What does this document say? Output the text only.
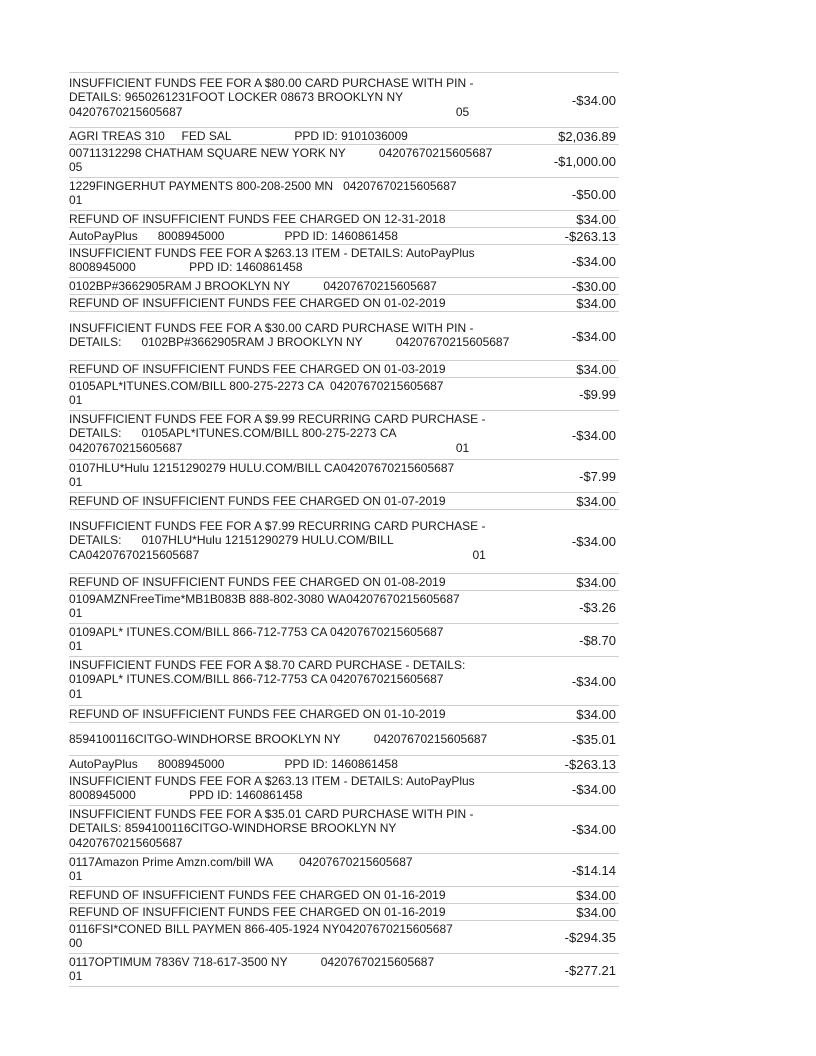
INSUFFICIENT FUNDS FEE FOR A $80.00 CARD PURCHASE WITH PIN -
DETAILS: 9650261231FOOT LOCKER 08673 BROOKLYN NY
04207670215605687                                                                                  05
-$34.00
AGRI TREAS 310     FED SAL                   PPD ID: 9101036009	$2,036.89
00711312298 CHATHAM SQUARE NEW YORK NY          04207670215605687
05	-$1,000.00
1229FINGERHUT PAYMENTS 800-208-2500 MN   04207670215605687
01	-$50.00
REFUND OF INSUFFICIENT FUNDS FEE CHARGED ON 12-31-2018	$34.00
AutoPayPlus      8008945000                  PPD ID: 1460861458	-$263.13
INSUFFICIENT FUNDS FEE FOR A $263.13 ITEM - DETAILS: AutoPayPlus
8008945000                PPD ID: 1460861458	-$34.00
0102BP#3662905RAM J BROOKLYN NY          04207670215605687	-$30.00
REFUND OF INSUFFICIENT FUNDS FEE CHARGED ON 01-02-2019	$34.00
INSUFFICIENT FUNDS FEE FOR A $30.00 CARD PURCHASE WITH PIN -
DETAILS:      0102BP#3662905RAM J BROOKLYN NY          04207670215605687	-$34.00
REFUND OF INSUFFICIENT FUNDS FEE CHARGED ON 01-03-2019	$34.00
0105APL*ITUNES.COM/BILL 800-275-2273 CA  04207670215605687
01	-$9.99
INSUFFICIENT FUNDS FEE FOR A $9.99 RECURRING CARD PURCHASE -
DETAILS:      0105APL*ITUNES.COM/BILL 800-275-2273 CA
04207670215605687                                                                                  01
-$34.00
0107HLU*Hulu 12151290279 HULU.COM/BILL CA04207670215605687
01	-$7.99
REFUND OF INSUFFICIENT FUNDS FEE CHARGED ON 01-07-2019	$34.00
INSUFFICIENT FUNDS FEE FOR A $7.99 RECURRING CARD PURCHASE -
DETAILS:      0107HLU*Hulu 12151290279 HULU.COM/BILL
CA04207670215605687                                                                                  01
-$34.00
REFUND OF INSUFFICIENT FUNDS FEE CHARGED ON 01-08-2019	$34.00
0109AMZNFreeTime*MB1B083B 888-802-3080 WA04207670215605687
01	-$3.26
0109APL* ITUNES.COM/BILL 866-712-7753 CA 04207670215605687
01	-$8.70
INSUFFICIENT FUNDS FEE FOR A $8.70 CARD PURCHASE - DETAILS:
0109APL* ITUNES.COM/BILL 866-712-7753 CA 04207670215605687
01
-$34.00
REFUND OF INSUFFICIENT FUNDS FEE CHARGED ON 01-10-2019	$34.00
8594100116CITGO-WINDHORSE BROOKLYN NY          04207670215605687	-$35.01
AutoPayPlus      8008945000                  PPD ID: 1460861458	-$263.13
INSUFFICIENT FUNDS FEE FOR A $263.13 ITEM - DETAILS: AutoPayPlus
8008945000                PPD ID: 1460861458	-$34.00
INSUFFICIENT FUNDS FEE FOR A $35.01 CARD PURCHASE WITH PIN -
DETAILS: 8594100116CITGO-WINDHORSE BROOKLYN NY
04207670215605687
-$34.00
0117Amazon Prime Amzn.com/bill WA        04207670215605687
01	-$14.14
REFUND OF INSUFFICIENT FUNDS FEE CHARGED ON 01-16-2019	$34.00
REFUND OF INSUFFICIENT FUNDS FEE CHARGED ON 01-16-2019	$34.00
0116FSI*CONED BILL PAYMEN 866-405-1924 NY04207670215605687
00	-$294.35
0117OPTIMUM 7836V 718-617-3500 NY          04207670215605687
01	-$277.21
